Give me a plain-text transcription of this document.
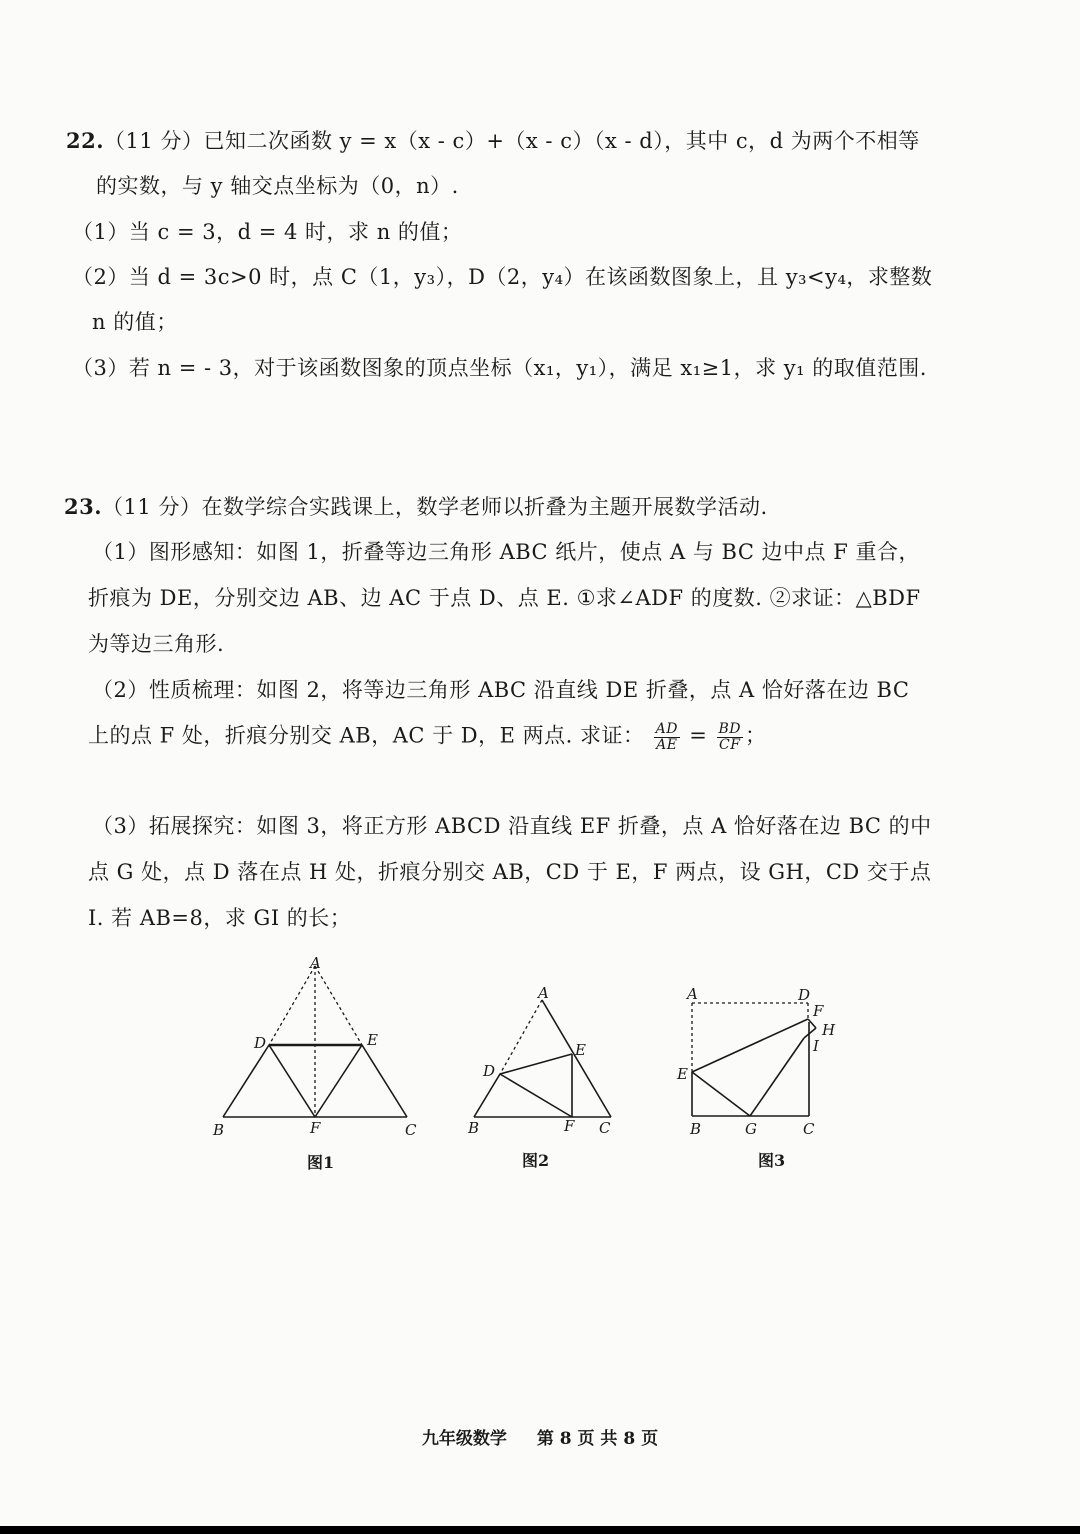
22.（11 分）已知二次函数 y = x（x - c）+（x - c）（x - d），其中 c，d 为两个不相等
的实数，与 y 轴交点坐标为（0，n）.
（1）当 c = 3，d = 4 时，求 n 的值；
（2）当 d = 3c>0 时，点 C（1，y₃），D（2，y₄）在该函数图象上，且 y₃<y₄，求整数
n 的值；
（3）若 n = - 3，对于该函数图象的顶点坐标（x₁，y₁），满足 x₁≥1，求 y₁ 的取值范围.
23.（11 分）在数学综合实践课上，数学老师以折叠为主题开展数学活动.
（1）图形感知：如图 1，折叠等边三角形 ABC 纸片，使点 A 与 BC 边中点 F 重合，
折痕为 DE，分别交边 AB、边 AC 于点 D、点 E. ①求∠ADF 的度数. ②求证：△BDF
为等边三角形.
（2）性质梳理：如图 2，将等边三角形 ABC 沿直线 DE 折叠，点 A 恰好落在边 BC
上的点 F 处，折痕分别交 AB，AC 于 D，E 两点. 求证： $\frac{AD}{AE} = \frac{BD}{CF}$ ；
（3）拓展探究：如图 3，将正方形 ABCD 沿直线 EF 折叠，点 A 恰好落在边 BC 的中
点 G 处，点 D 落在点 H 处，折痕分别交 AB，CD 于 E，F 两点，设 GH，CD 交于点
I. 若 AB=8，求 GI 的长；
A
D	E
B	F	C
图1
A
D
E
B	F C
图2
A	D
F
H
I
E
B	G	C
图3
九年级数学 第 8 页 共 8 页
